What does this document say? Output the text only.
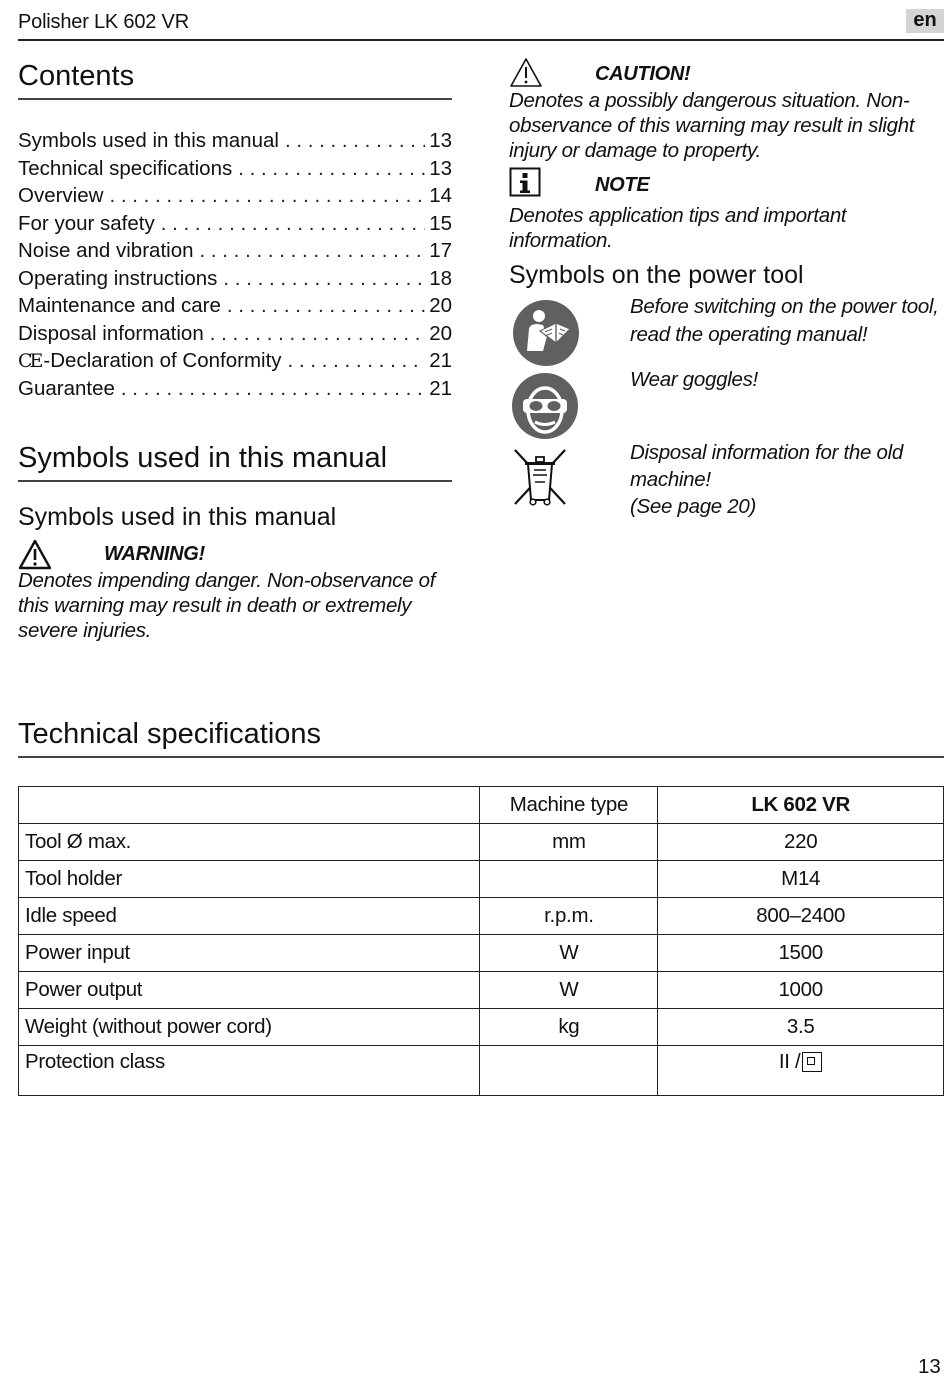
Polisher LK 602 VR	en
Contents
Symbols used in this manual . . .	13
Technical specifications . . .	13
Overview . . .	14
For your safety . . .	15
Noise and vibration . . .	17
Operating instructions . . .	18
Maintenance and care . . .	20
Disposal information . . .	20
CE -Declaration of Conformity . . .	21
Guarantee . . .	21
Symbols used in this manual
Symbols used in this manual
WARNING!
Denotes impending danger. Non-observance of this warning may result in death or extremely severe injuries.
CAUTION!
Denotes a possibly dangerous situation. Non-observance of this warning may result in slight injury or damage to property.
NOTE
Denotes application tips and important information.
Symbols on the power tool
Before switching on the power tool, read the operating manual!
Wear goggles!
Disposal information for the old machine!
(See page 20)
Technical specifications
	Machine type	LK 602 VR
Tool Ø max.	mm	220
Tool holder		M14
Idle speed	r.p.m.	800–2400
Power input	W	1500
Power output	W	1000
Weight (without power cord)	kg	3.5
Protection class		II /
13
